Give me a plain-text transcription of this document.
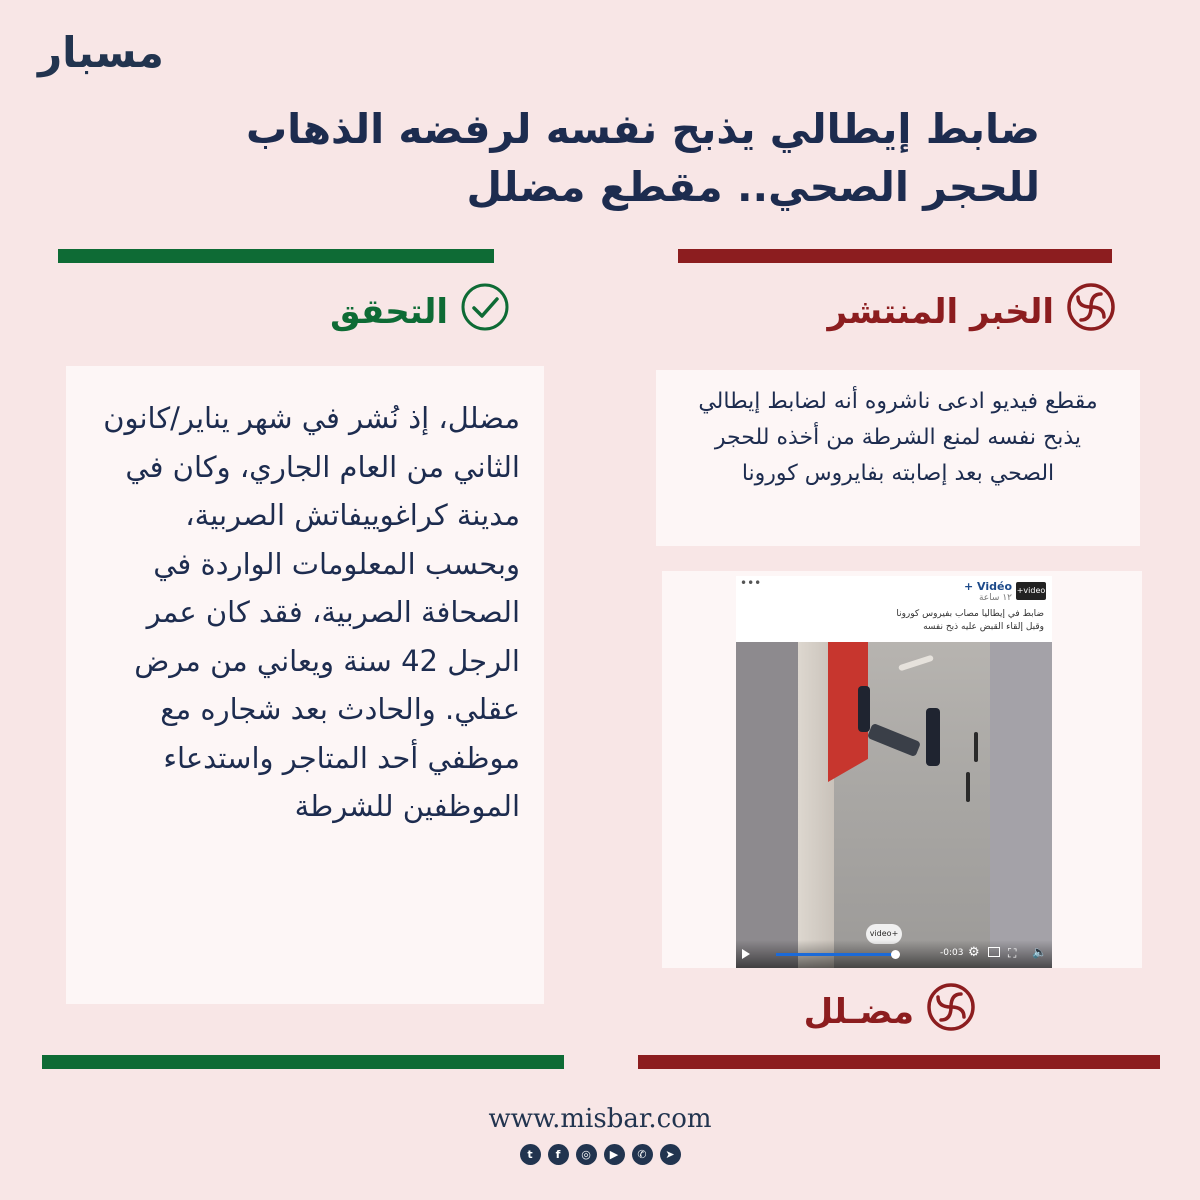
مسبار
ضابط إيطالي يذبح نفسه لرفضه الذهاب
للحجر الصحي.. مقطع مضلل
الخبر المنتشر
التحقق
مقطع فيديو ادعى ناشروه أنه لضابط إيطالي يذبح نفسه لمنع الشرطة من أخذه للحجر الصحي بعد إصابته بفايروس كورونا
مضلل، إذ نُشر في شهر يناير/كانون الثاني من العام الجاري، وكان في مدينة كراغوييفاتش الصربية، وبحسب المعلومات الواردة في الصحافة الصربية، فقد كان عمر الرجل 42 سنة ويعاني من مرض عقلي. والحادث بعد شجاره مع موظفي أحد المتاجر واستدعاء الموظفين للشرطة
•••
video+
Vidéo +
١٢ ساعة
ضابط في إيطاليا مصاب بفيروس كورونا
وقبل إلقاء القبض عليه ذبح نفسه
video+
-0:03 ⚙ ⛶ 🔈
مضـلل
www.misbar.com
t	f	◎	▶	✆	➤
